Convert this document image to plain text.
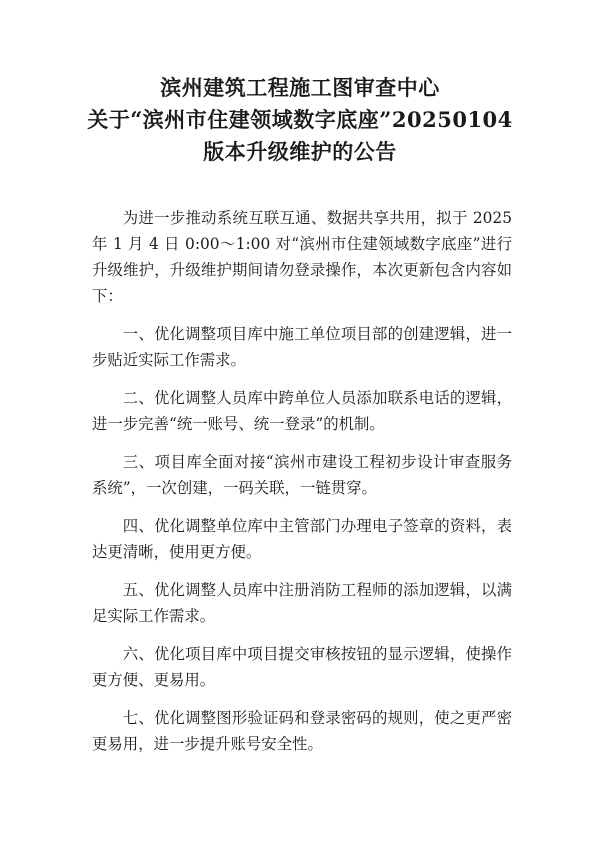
滨州建筑工程施工图审查中心
关于“滨州市住建领域数字底座”20250104
版本升级维护的公告

为进一步推动系统互联互通、数据共享共用，拟于 2025 年 1 月 4 日 0:00～1:00 对“滨州市住建领域数字底座”进行升级维护，升级维护期间请勿登录操作，本次更新包含内容如下：

一、优化调整项目库中施工单位项目部的创建逻辑，进一步贴近实际工作需求。

二、优化调整人员库中跨单位人员添加联系电话的逻辑，进一步完善“统一账号、统一登录”的机制。

三、项目库全面对接“滨州市建设工程初步设计审查服务系统”，一次创建，一码关联，一链贯穿。

四、优化调整单位库中主管部门办理电子签章的资料，表达更清晰，使用更方便。

五、优化调整人员库中注册消防工程师的添加逻辑，以满足实际工作需求。

六、优化项目库中项目提交审核按钮的显示逻辑，使操作更方便、更易用。

七、优化调整图形验证码和登录密码的规则，使之更严密更易用，进一步提升账号安全性。
